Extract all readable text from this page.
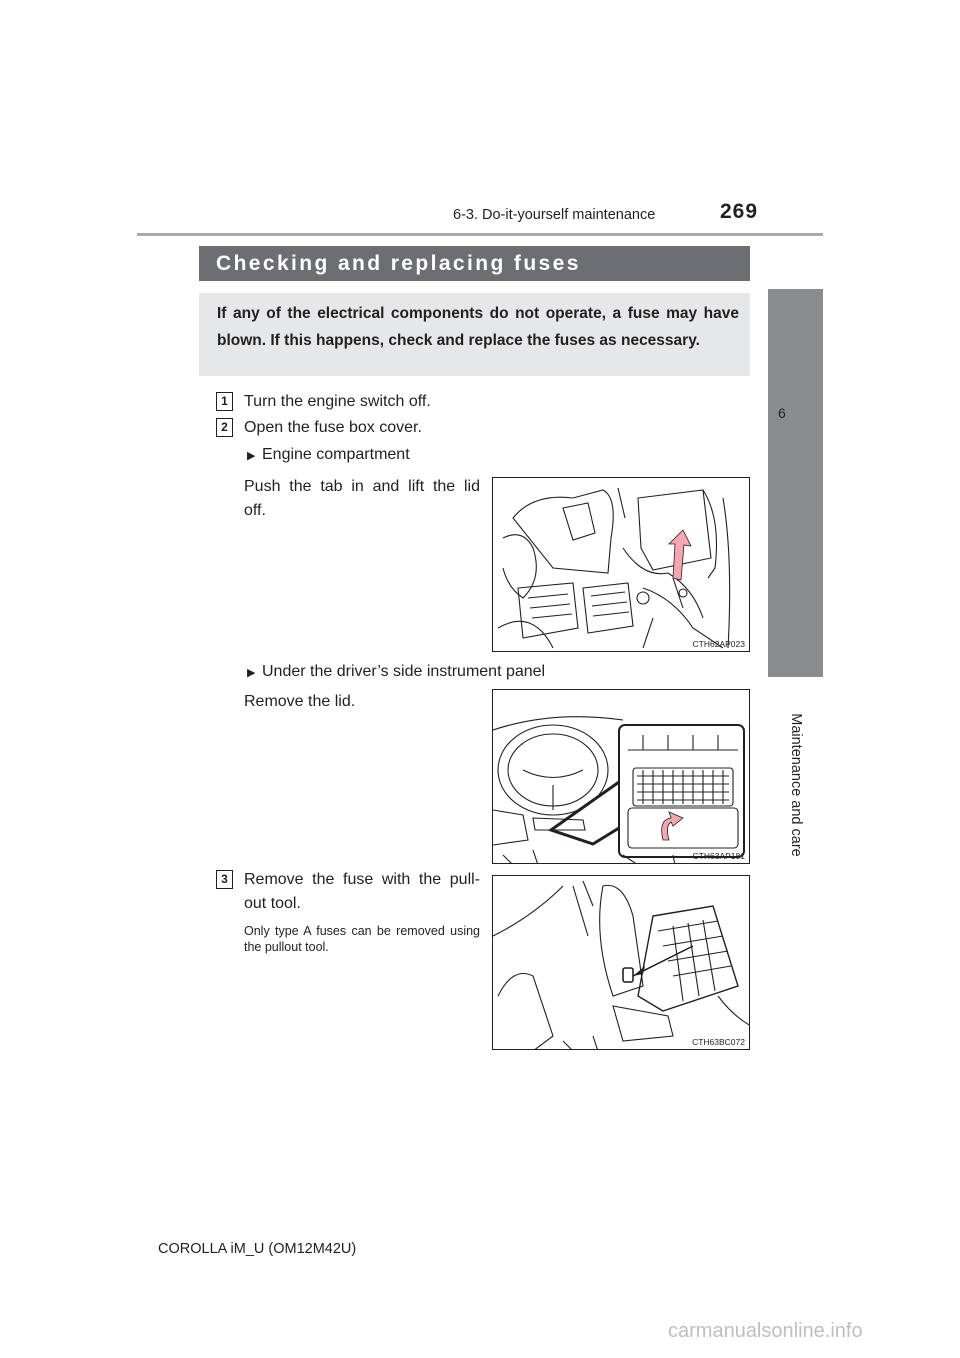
6-3. Do-it-yourself maintenance	269
6
Maintenance and care
Checking and replacing fuses
If any of the electrical components do not operate, a fuse may have blown. If this happens, check and replace the fuses as necessary.
1	Turn the engine switch off.
2	Open the fuse box cover.
▶ Engine compartment
Push the tab in and lift the lid
off.
CTH62AP023
▶ Under the driver’s side instrument panel
Remove the lid.
CTH63AP181
3	Remove the fuse with the pull-
out tool.
Only type A fuses can be removed using the pullout tool.
CTH63BC072
COROLLA iM_U (OM12M42U)
carmanualsonline.info
